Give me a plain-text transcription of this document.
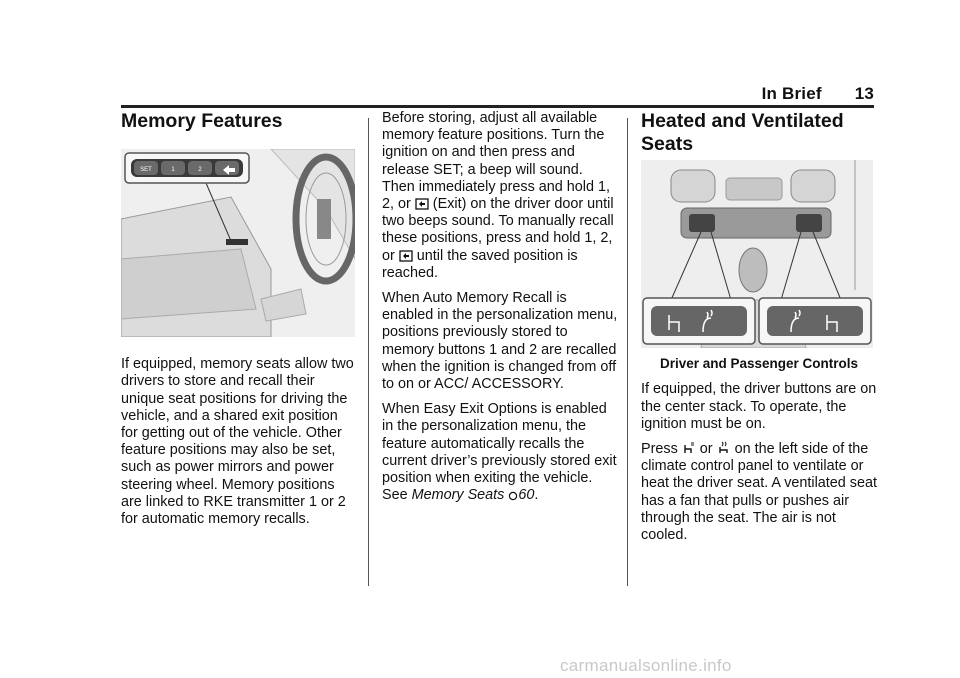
In Brief 13
Memory Features
SET	1	2

If equipped, memory seats allow two drivers to store and recall their unique seat positions for driving the vehicle, and a shared exit position for getting out of the vehicle. Other feature positions may also be set, such as power mirrors and power steering wheel. Memory positions are linked to RKE transmitter 1 or 2 for automatic memory recalls.

Before storing, adjust all available memory feature positions. Turn the ignition on and then press and release SET; a beep will sound. Then immediately press and hold 1, 2, or (Exit) on the driver door until two beeps sound. To manually recall these positions, press and hold 1, 2, or until the saved position is reached.

When Auto Memory Recall is enabled in the personalization menu, positions previously stored to memory buttons 1 and 2 are recalled when the ignition is changed from off to on or ACC/ ACCESSORY.

When Easy Exit Options is enabled in the personalization menu, the feature automatically recalls the current driver’s previously stored exit position when exiting the vehicle. See Memory Seats 60.

Heated and Ventilated Seats
Driver and Passenger Controls

If equipped, the driver buttons are on the center stack. To operate, the ignition must be on.

Press or on the left side of the climate control panel to ventilate or heat the driver seat. A ventilated seat has a fan that pulls or pushes air through the seat. The air is not cooled.

carmanualsonline.info
